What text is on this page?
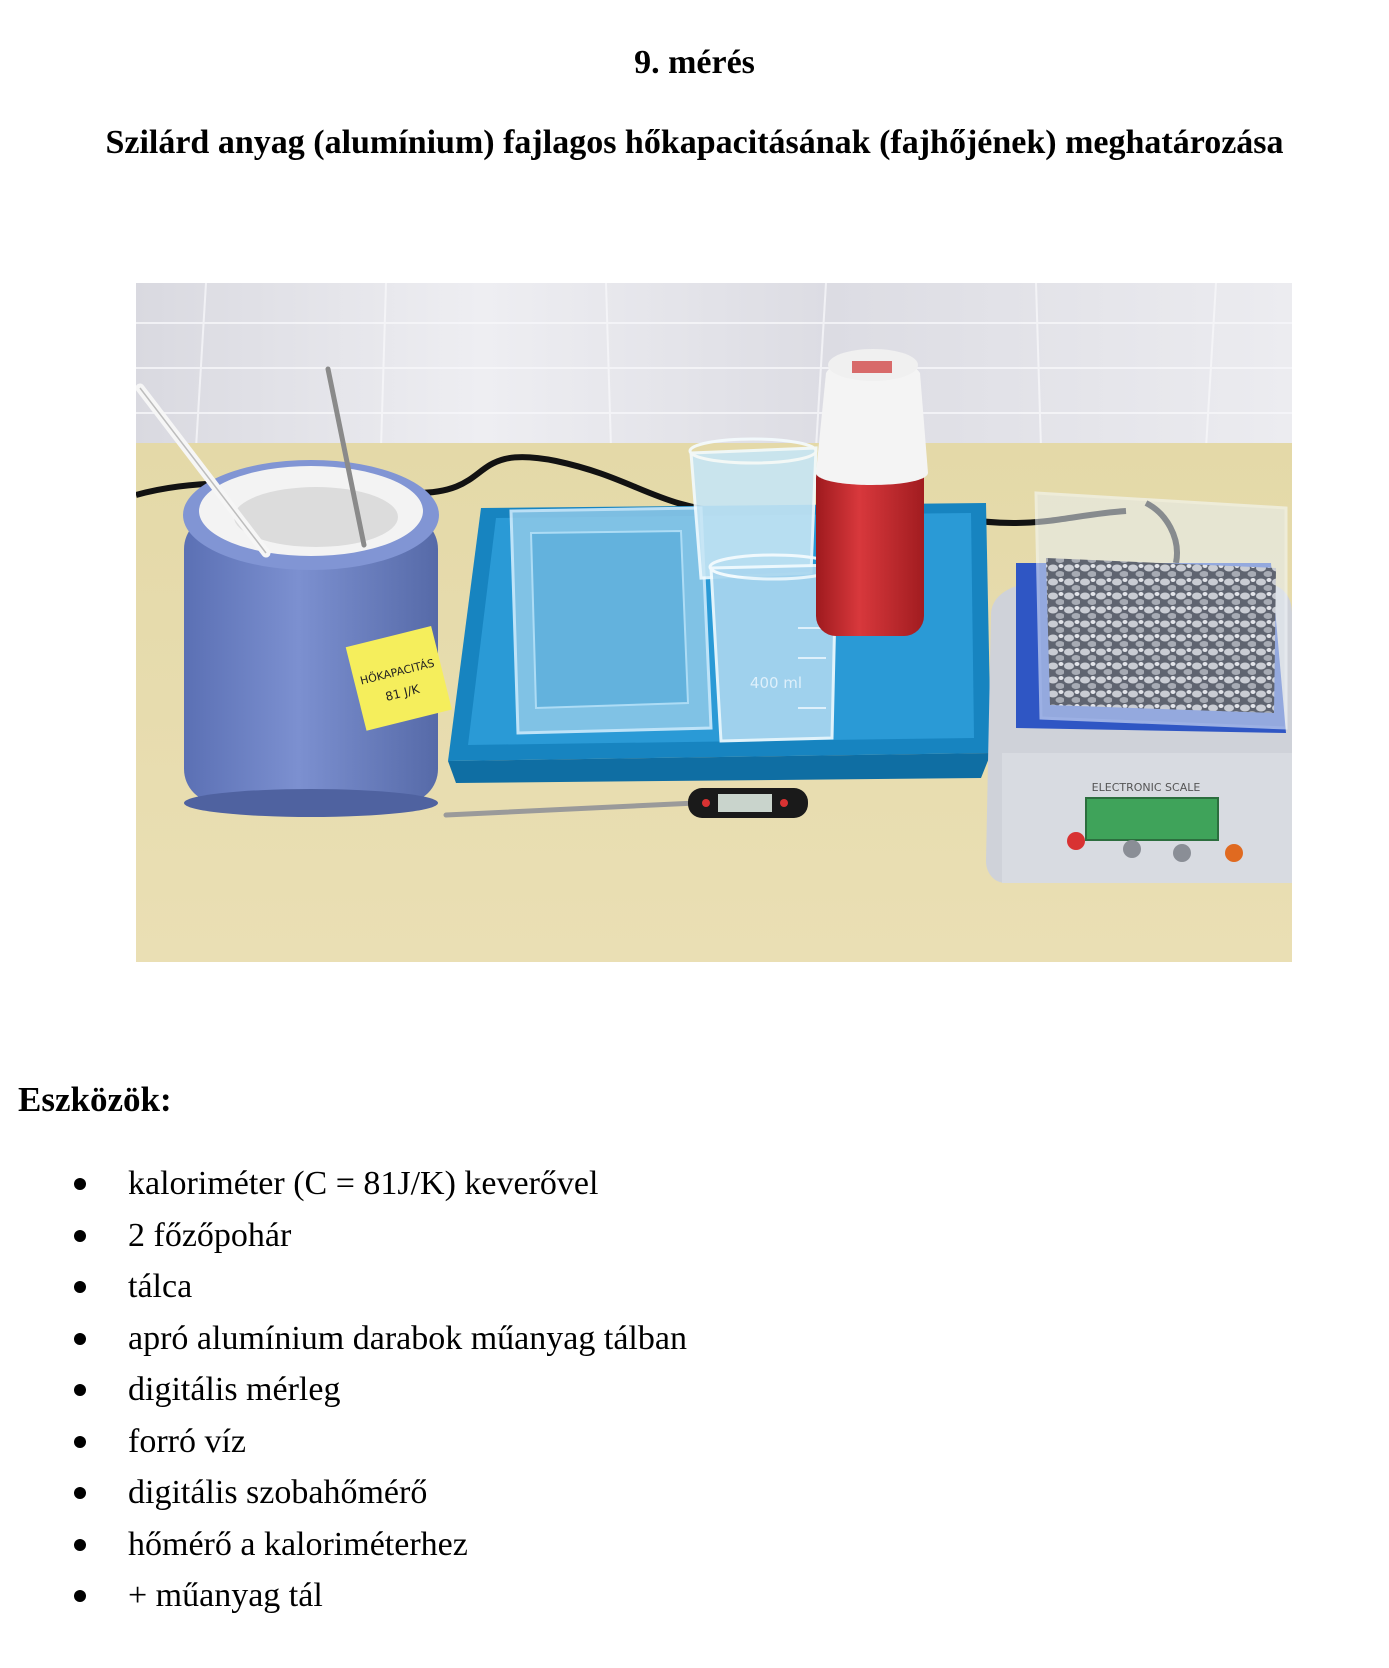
9. mérés
Szilárd anyag (alumínium) fajlagos hőkapacitásának (fajhőjének) meghatározása
HŐKAPACITÁS
81 J/K	400 ml
ELECTRONIC SCALE
Eszközök:
kaloriméter (C = 81J/K) keverővel
2 főzőpohár
tálca
apró alumínium darabok műanyag tálban
digitális mérleg
forró víz
digitális szobahőmérő
hőmérő a kaloriméterhez
+ műanyag tál
